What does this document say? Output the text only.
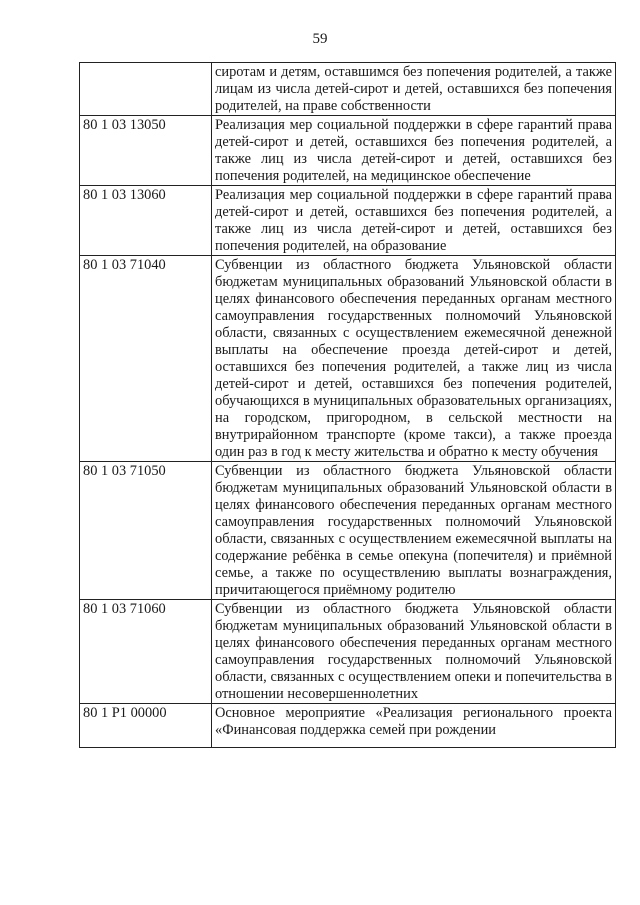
59
	сиротам и детям, оставшимся без попечения родителей, а также лицам из числа детей-сирот и детей, оставшихся без попечения родителей, на праве собственности
80 1 03 13050	Реализация мер социальной поддержки в сфере гарантий права детей-сирот и детей, оставшихся без попечения родителей, а также лиц из числа детей-сирот и детей, оставшихся без попечения родителей, на медицинское обеспечение
80 1 03 13060	Реализация мер социальной поддержки в сфере гарантий права детей-сирот и детей, оставшихся без попечения родителей, а также лиц из числа детей-сирот и детей, оставшихся без попечения родителей, на образование
80 1 03 71040	Субвенции из областного бюджета Ульяновской области бюджетам муниципальных образований Ульяновской области в целях финансового обеспечения переданных органам местного самоуправления государственных полномочий Ульяновской области, связанных с осуществлением ежемесячной денежной выплаты на обеспечение проезда детей-сирот и детей, оставшихся без попечения родителей, а также лиц из числа детей-сирот и детей, оставшихся без попечения родителей, обучающихся в муниципальных образовательных организациях, на городском, пригородном, в сельской местности на внутрирайонном транспорте (кроме такси), а также проезда один раз в год к месту жительства и обратно к месту обучения
80 1 03 71050	Субвенции из областного бюджета Ульяновской области бюджетам муниципальных образований Ульяновской области в целях финансового обеспечения переданных органам местного самоуправления государственных полномочий Ульяновской области, связанных с осуществлением ежемесячной выплаты на содержание ребёнка в семье опекуна (попечителя) и приёмной семье, а также по осуществлению выплаты вознаграждения, причитающегося приёмному родителю
80 1 03 71060	Субвенции из областного бюджета Ульяновской области бюджетам муниципальных образований Ульяновской области в целях финансового обеспечения переданных органам местного самоуправления государственных полномочий Ульяновской области, связанных с осуществлением опеки и попечительства в отношении несовершеннолетних
80 1 P1 00000	Основное мероприятие «Реализация регионального проекта «Финансовая поддержка семей при рождении
